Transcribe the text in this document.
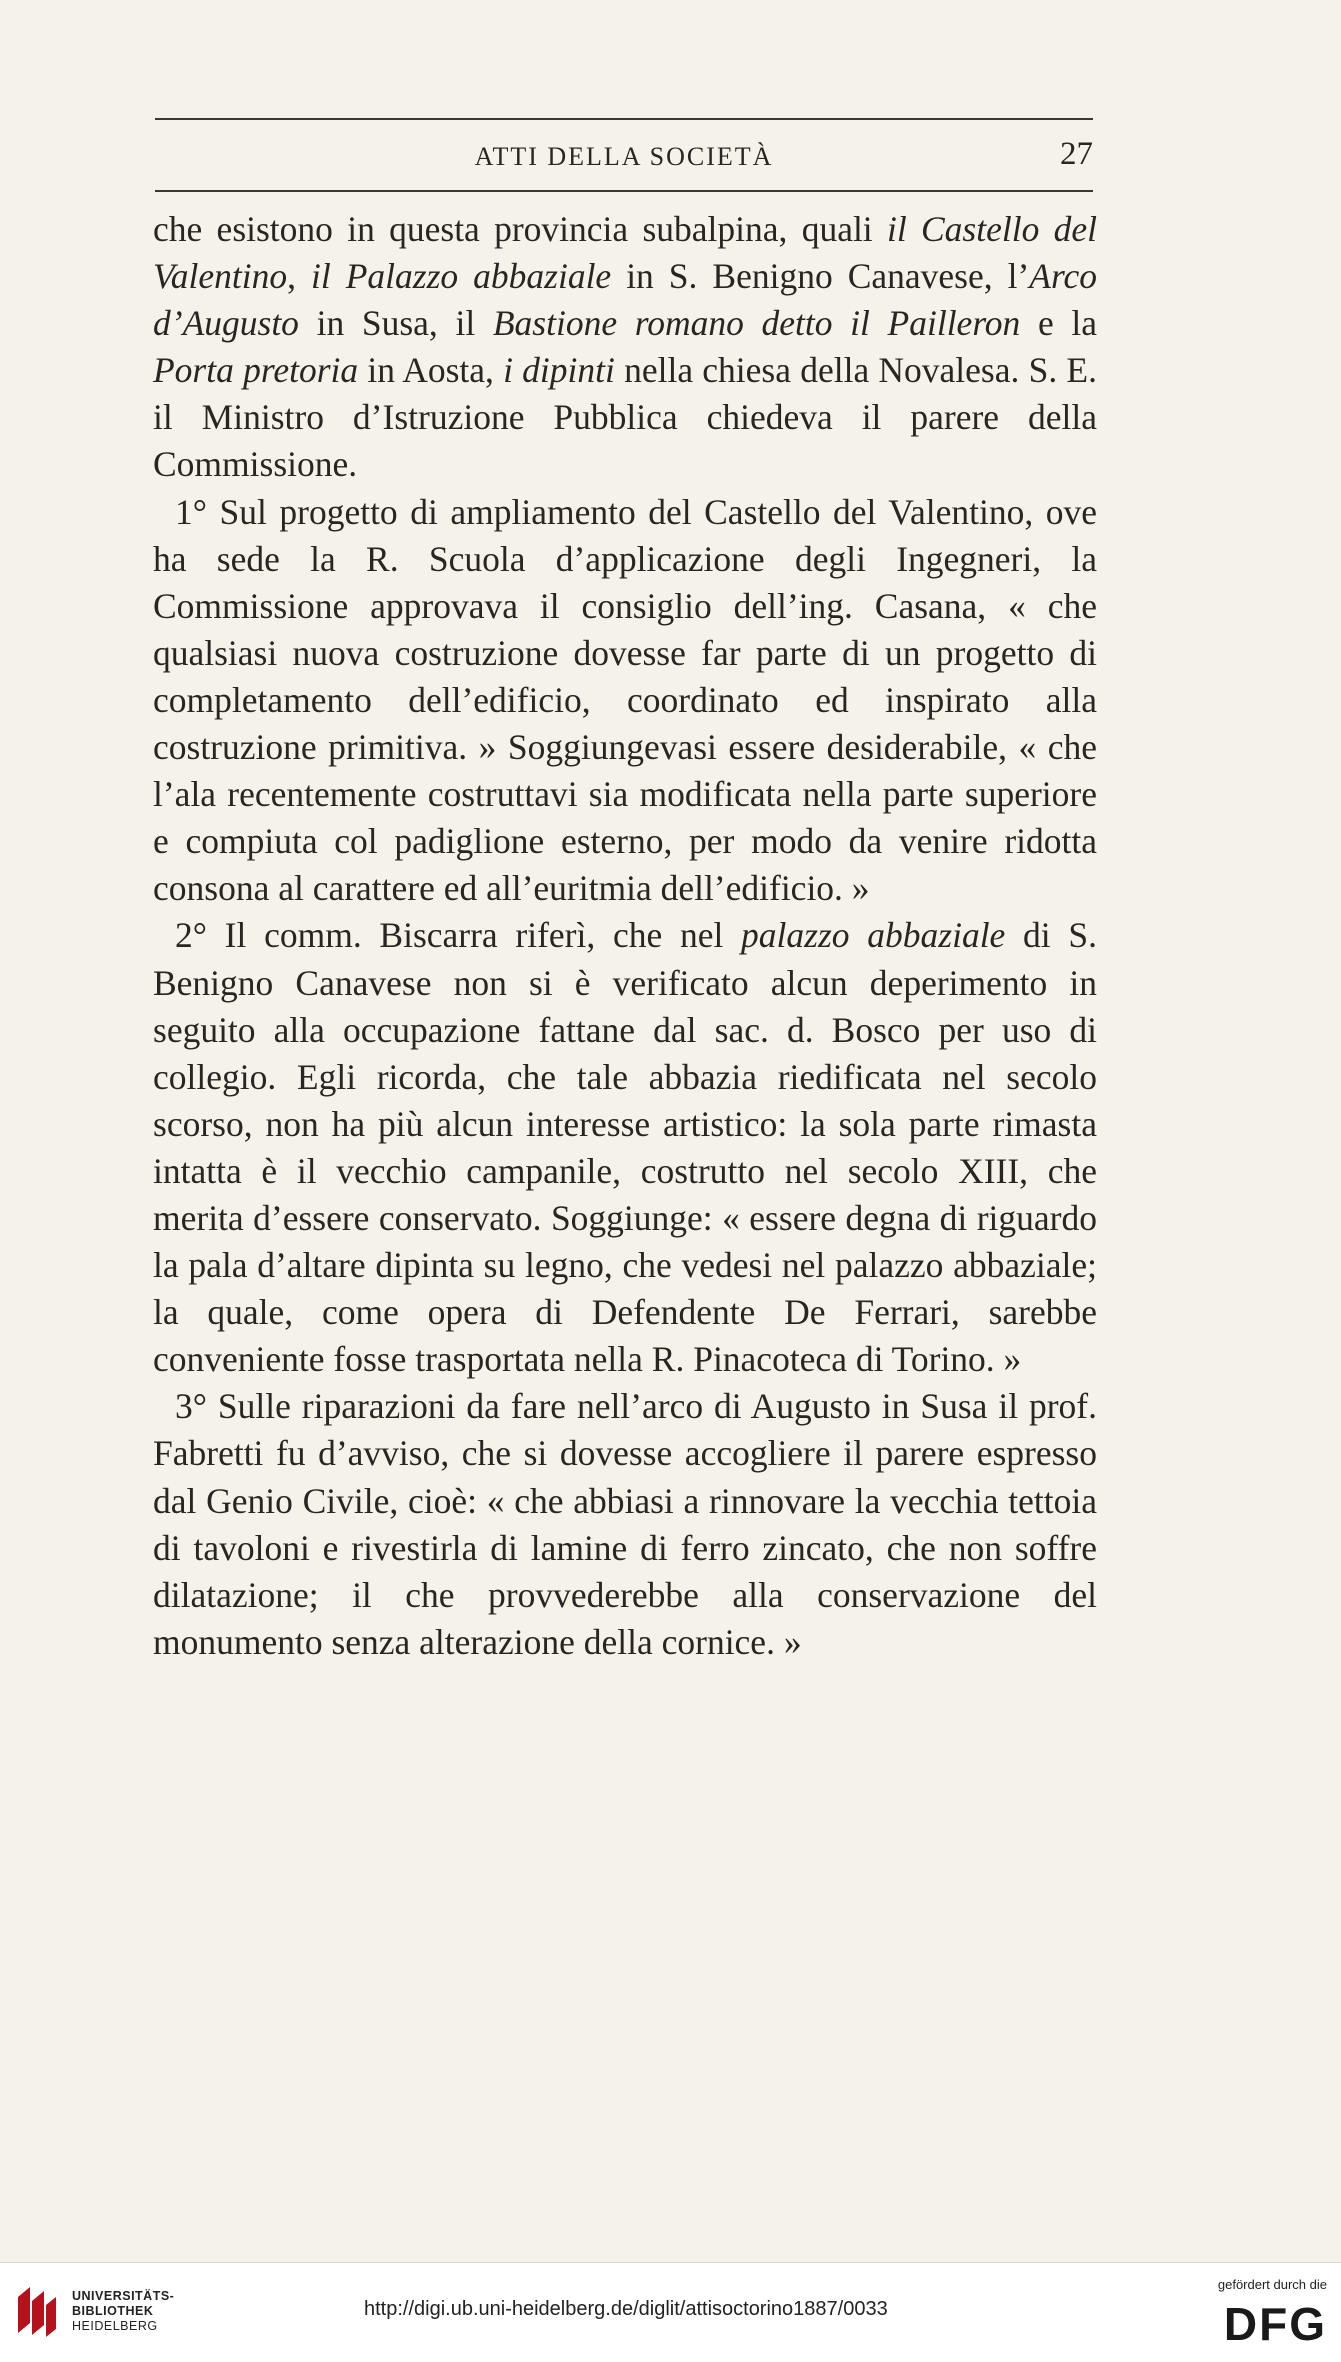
ATTI DELLA SOCIETÀ	27

che esistono in questa provincia subalpina, quali il Castello del Valentino, il Palazzo abbaziale in S. Benigno Canavese, l’Arco d’Augusto in Susa, il Bastione romano detto il Pailleron e la Porta pretoria in Aosta, i dipinti nella chiesa della Novalesa. S. E. il Ministro d’Istruzione Pubblica chiedeva il parere della Commissione.

1° Sul progetto di ampliamento del Castello del Valentino, ove ha sede la R. Scuola d’applicazione degli Ingegneri, la Commissione approvava il consiglio dell’ing. Casana, « che qualsiasi nuova costruzione dovesse far parte di un progetto di completamento dell’edificio, coordinato ed inspirato alla costruzione primitiva. » Soggiungevasi essere desiderabile, « che l’ala recentemente costruttavi sia modificata nella parte superiore e compiuta col padiglione esterno, per modo da venire ridotta consona al carattere ed all’euritmia dell’edificio. »

2° Il comm. Biscarra riferì, che nel palazzo abbaziale di S. Benigno Canavese non si è verificato alcun deperimento in seguito alla occupazione fattane dal sac. d. Bosco per uso di collegio. Egli ricorda, che tale abbazia riedificata nel secolo scorso, non ha più alcun interesse artistico: la sola parte rimasta intatta è il vecchio campanile, costrutto nel secolo XIII, che merita d’essere conservato. Soggiunge: « essere degna di riguardo la pala d’altare dipinta su legno, che vedesi nel palazzo abbaziale; la quale, come opera di Defendente De Ferrari, sarebbe conveniente fosse trasportata nella R. Pinacoteca di Torino. »

3° Sulle riparazioni da fare nell’arco di Augusto in Susa il prof. Fabretti fu d’avviso, che si dovesse accogliere il parere espresso dal Genio Civile, cioè: « che abbiasi a rinnovare la vecchia tettoia di tavoloni e rivestirla di lamine di ferro zincato, che non soffre dilatazione; il che provvederebbe alla conservazione del monumento senza alterazione della cornice. »

UNIVERSITÄTS-
BIBLIOTHEK
HEIDELBERG
http://digi.ub.uni-heidelberg.de/diglit/attisoctorino1887/0033
gefördert durch die
DFG
